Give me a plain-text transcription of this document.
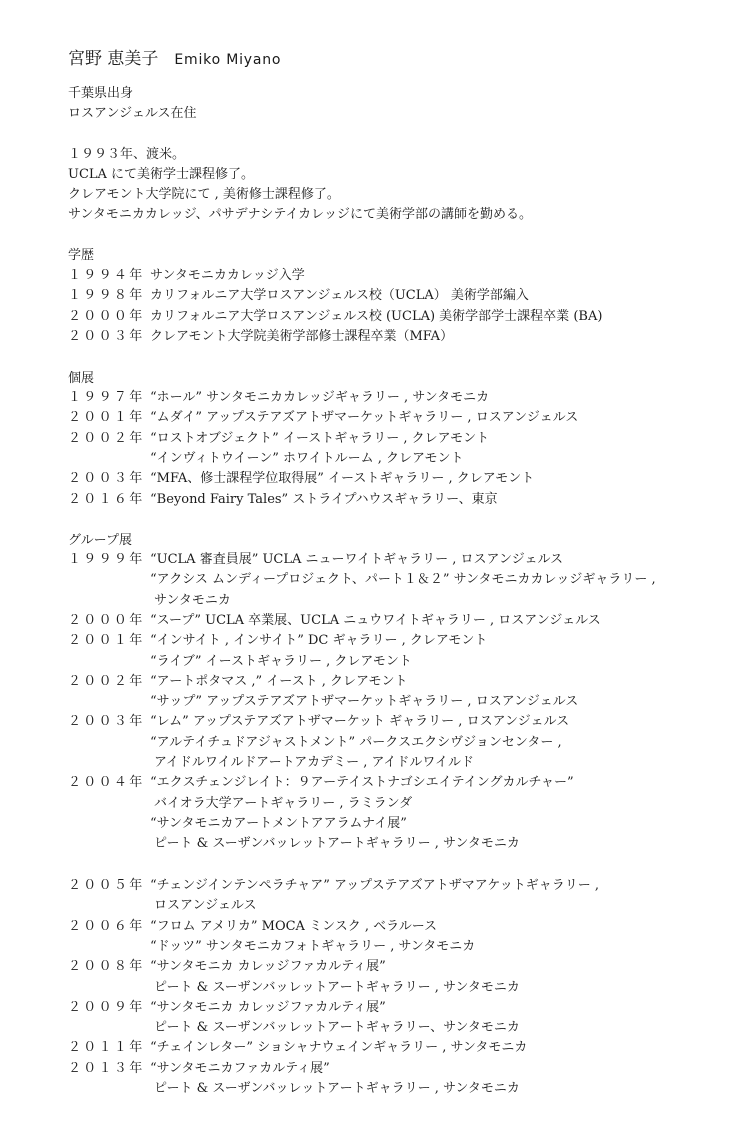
宮野 恵美子 Emiko Miyano
千葉県出身
ロスアンジェルス在住
１９９３年、渡米。
UCLA にて美術学士課程修了。
クレアモント大学院にて , 美術修士課程修了。
サンタモニカカレッジ、パサデナシテイカレッジにて美術学部の講師を勤める。
学歴
１９９４年 サンタモニカカレッジ入学
１９９８年 カリフォルニア大学ロスアンジェルス校（UCLA） 美術学部編入
２０００年 カリフォルニア大学ロスアンジェルス校 (UCLA) 美術学部学士課程卒業 (BA)
２００３年 クレアモント大学院美術学部修士課程卒業（MFA）
個展
１９９７年 “ホール” サンタモニカカレッジギャラリー , サンタモニカ
２００１年 “ムダイ” アップステアズアトザマーケットギャラリー , ロスアンジェルス
２００２年 “ロストオブジェクト” イーストギャラリー , クレアモント
“インヴィトウイーン” ホワイトルーム , クレアモント
２００３年 “MFA、修士課程学位取得展” イーストギャラリー , クレアモント
２０１６年 “Beyond Fairy Tales” ストライプハウスギャラリー、東京
グループ展
１９９９年 “UCLA 審査員展” UCLA ニューワイトギャラリー , ロスアンジェルス
“アクシス ムンディープロジェクト、パート１＆２” サンタモニカカレッジギャラリー ,
サンタモニカ
２０００年 “スープ” UCLA 卒業展、UCLA ニュウワイトギャラリー , ロスアンジェルス
２００１年 “インサイト , インサイト” DC ギャラリー , クレアモント
“ライブ” イーストギャラリー , クレアモント
２００２年 “アートポタマス ,” イースト , クレアモント
“サップ” アップステアズアトザマーケットギャラリー , ロスアンジェルス
２００３年 “レム” アップステアズアトザマーケット ギャラリー , ロスアンジェルス
“アルテイチュドアジャストメント” パークスエクシヴジョンセンター ,
アイドルワイルドアートアカデミー , アイドルワイルド
２００４年 “エクスチェンジレイト：９アーテイストナゴシエイテイングカルチャー”
バイオラ大学アートギャラリー , ラミランダ
“サンタモニカアートメントアアラムナイ展”
ピート & スーザンバッレットアートギャラリー , サンタモニカ
２００５年 “チェンジインテンペラチャア” アップステアズアトザマアケットギャラリー ,
ロスアンジェルス
２００６年 “フロム アメリカ” MOCA ミンスク , ベラルース
“ドッツ” サンタモニカフォトギャラリー , サンタモニカ
２００８年 “サンタモニカ カレッジファカルティ展”
ピート & スーザンバッレットアートギャラリー , サンタモニカ
２００９年 “サンタモニカ カレッジファカルティ展”
ピート & スーザンバッレットアートギャラリー、サンタモニカ
２０１１年 “チェインレター” ショシャナウェインギャラリー , サンタモニカ
２０１３年 “サンタモニカファカルティ展”
ピート & スーザンバッレットアートギャラリー , サンタモニカ
